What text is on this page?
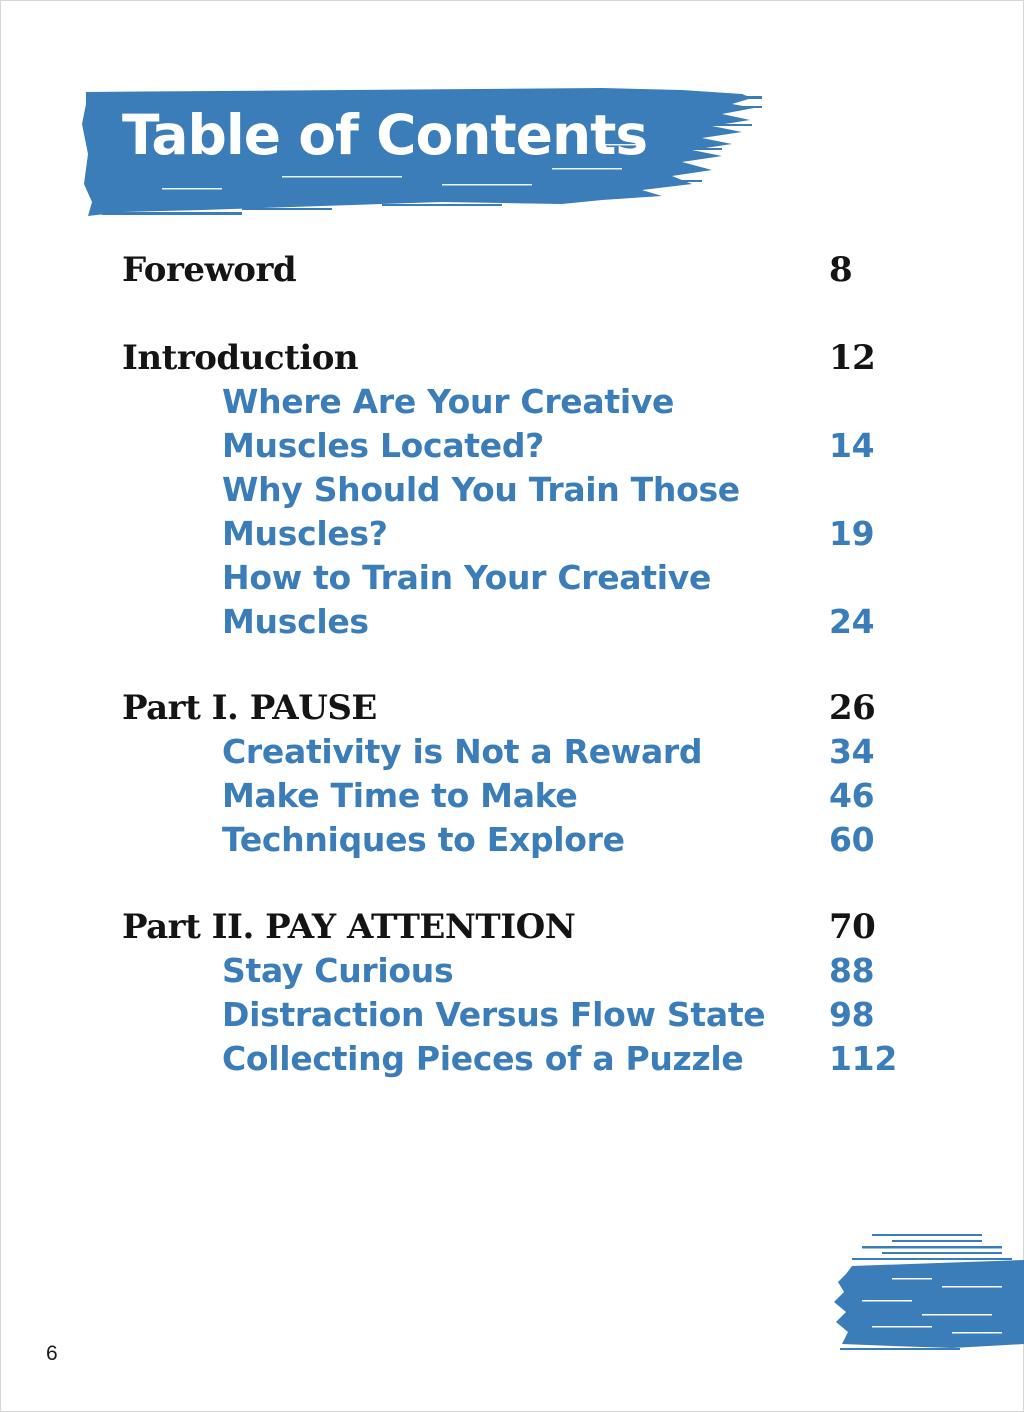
Table of Contents
Foreword	8
Introduction	12
Where Are Your Creative
Muscles Located?	14
Why Should You Train Those
Muscles?	19
How to Train Your Creative
Muscles	24
Part I. PAUSE	26
Creativity is Not a Reward	34
Make Time to Make	46
Techniques to Explore	60
Part II. PAY ATTENTION	70
Stay Curious	88
Distraction Versus Flow State 98
Collecting Pieces of a Puzzle	112
6
